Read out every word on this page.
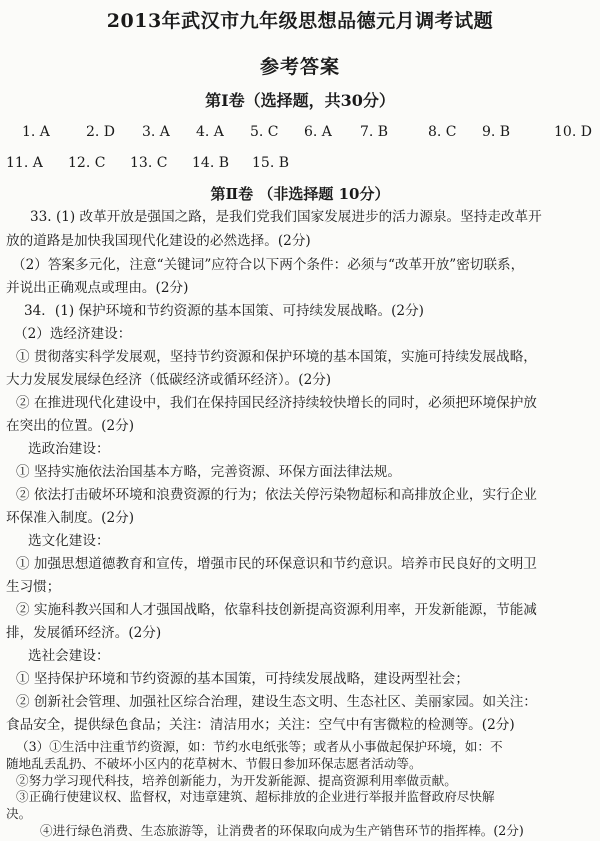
2013年武汉市九年级思想品德元月调考试题
参考答案
第Ⅰ卷（选择题，共30分）
1. A	2. D 3. A 4. A 5. C 6. A 7. B	8. C 9. B	10. D
11. A 12. C 13. C 14. B 15. B
第Ⅱ卷 （非选择题 10分）
33. (1) 改革开放是强国之路，是我们党我们国家发展进步的活力源泉。坚持走改革开
放的道路是加快我国现代化建设的必然选择。(2分)
（2）答案多元化，注意“关键词”应符合以下两个条件：必须与“改革开放”密切联系，
并说出正确观点或理由。(2分)
34．(1) 保护环境和节约资源的基本国策、可持续发展战略。(2分)
（2）选经济建设：
① 贯彻落实科学发展观，坚持节约资源和保护环境的基本国策，实施可持续发展战略，
大力发展发展绿色经济（低碳经济或循环经济）。(2分)
② 在推进现代化建设中，我们在保持国民经济持续较快增长的同时，必须把环境保护放
在突出的位置。(2分)
选政治建设：
① 坚持实施依法治国基本方略，完善资源、环保方面法律法规。
② 依法打击破坏环境和浪费资源的行为；依法关停污染物超标和高排放企业，实行企业
环保准入制度。(2分)
选文化建设：
① 加强思想道德教育和宣传，增强市民的环保意识和节约意识。培养市民良好的文明卫
生习惯；
② 实施科教兴国和人才强国战略，依靠科技创新提高资源利用率，开发新能源，节能减
排，发展循环经济。(2分)
选社会建设：
① 坚持保护环境和节约资源的基本国策，可持续发展战略，建设两型社会；
② 创新社会管理、加强社区综合治理，建设生态文明、生态社区、美丽家园。如关注：
食品安全，提供绿色食品；关注：清洁用水；关注：空气中有害微粒的检测等。(2分)
（3）①生活中注重节约资源，如：节约水电纸张等；或者从小事做起保护环境，如：不
随地乱丢乱扔、不破坏小区内的花草树木、节假日参加环保志愿者活动等。
②努力学习现代科技，培养创新能力，为开发新能源、提高资源利用率做贡献。
③正确行使建议权、监督权，对违章建筑、超标排放的企业进行举报并监督政府尽快解
决。
④进行绿色消费、生态旅游等，让消费者的环保取向成为生产销售环节的指挥棒。(2分)
